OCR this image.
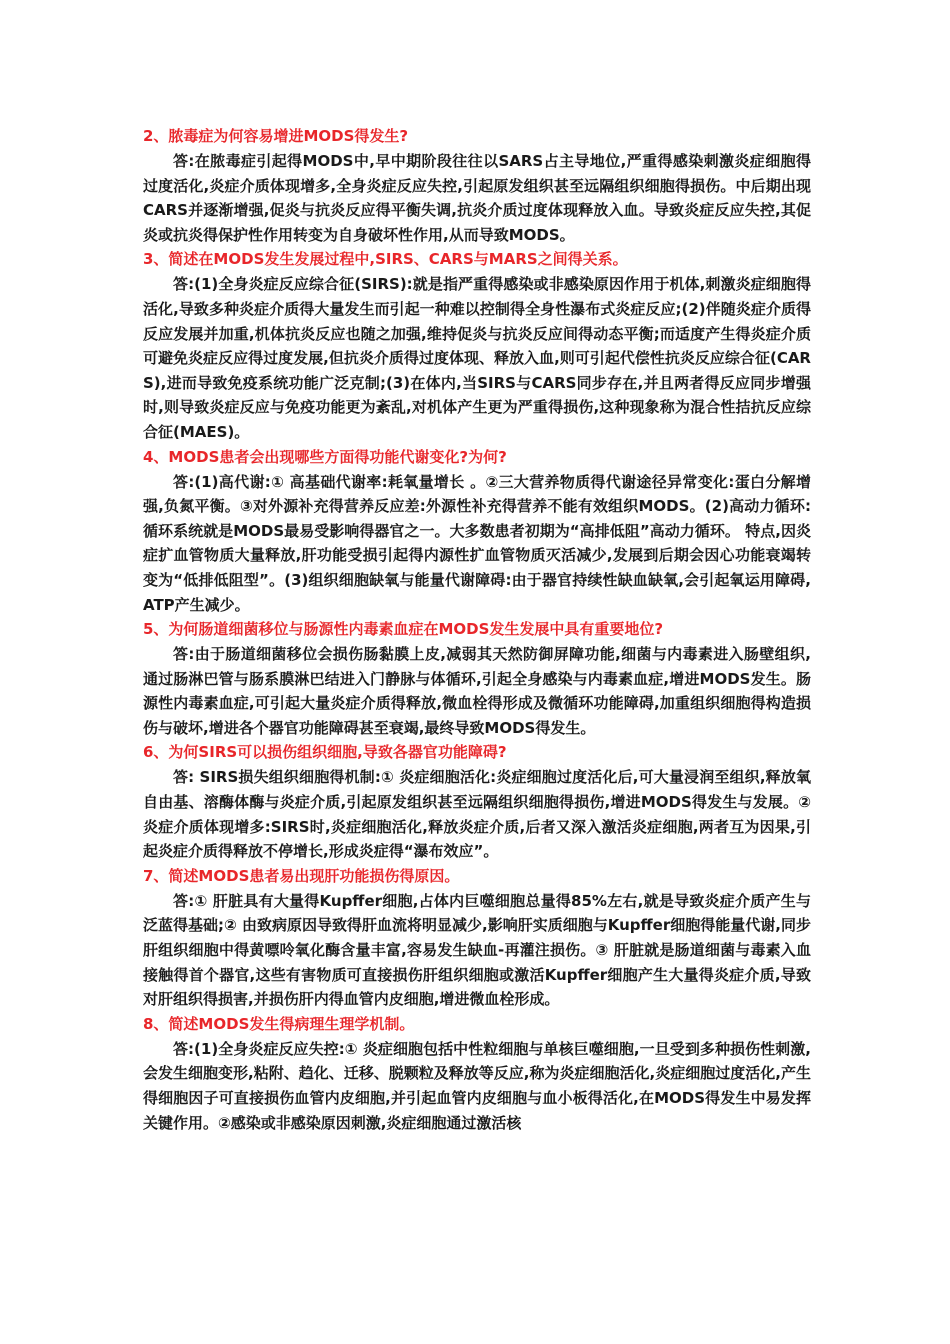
2、脓毒症为何容易增进MODS得发生?

答:在脓毒症引起得MODS中,早中期阶段往往以SARS占主导地位,严重得感染刺激炎症细胞得过度活化,炎症介质体现增多,全身炎症反应失控,引起原发组织甚至远隔组织细胞得损伤。中后期出现CARS并逐渐增强,促炎与抗炎反应得平衡失调,抗炎介质过度体现释放入血。导致炎症反应失控,其促炎或抗炎得保护性作用转变为自身破坏性作用,从而导致MODS。

3、简述在MODS发生发展过程中,SIRS、CARS与MARS之间得关系。

答:(1)全身炎症反应综合征(SIRS):就是指严重得感染或非感染原因作用于机体,刺激炎症细胞得活化,导致多种炎症介质得大量发生而引起一种难以控制得全身性瀑布式炎症反应;(2)伴随炎症介质得反应发展并加重,机体抗炎反应也随之加强,维持促炎与抗炎反应间得动态平衡;而适度产生得炎症介质可避免炎症反应得过度发展,但抗炎介质得过度体现、释放入血,则可引起代偿性抗炎反应综合征(CARS),进而导致免疫系统功能广泛克制;(3)在体内,当SIRS与CARS同步存在,并且两者得反应同步增强时,则导致炎症反应与免疫功能更为紊乱,对机体产生更为严重得损伤,这种现象称为混合性拮抗反应综合征(MAES)。

4、MODS患者会出现哪些方面得功能代谢变化?为何?

答:(1)高代谢:① 高基础代谢率:耗氧量增长 。②三大营养物质得代谢途径异常变化:蛋白分解增强,负氮平衡。③对外源补充得营养反应差:外源性补充得营养不能有效组织MODS。(2)高动力循环:循环系统就是MODS最易受影响得器官之一。大多数患者初期为“高排低阻”高动力循环。 特点,因炎症扩血管物质大量释放,肝功能受损引起得内源性扩血管物质灭活减少,发展到后期会因心功能衰竭转变为“低排低阻型”。(3)组织细胞缺氧与能量代谢障碍:由于器官持续性缺血缺氧,会引起氧运用障碍,ATP产生减少。

5、为何肠道细菌移位与肠源性内毒素血症在MODS发生发展中具有重要地位?

答:由于肠道细菌移位会损伤肠黏膜上皮,减弱其天然防御屏障功能,细菌与内毒素进入肠壁组织,通过肠淋巴管与肠系膜淋巴结进入门静脉与体循环,引起全身感染与内毒素血症,增进MODS发生。肠源性内毒素血症,可引起大量炎症介质得释放,微血栓得形成及微循环功能障碍,加重组织细胞得构造损伤与破坏,增进各个器官功能障碍甚至衰竭,最终导致MODS得发生。

6、为何SIRS可以损伤组织细胞,导致各器官功能障碍?

答: SIRS损失组织细胞得机制:① 炎症细胞活化:炎症细胞过度活化后,可大量浸润至组织,释放氧自由基、溶酶体酶与炎症介质,引起原发组织甚至远隔组织细胞得损伤,增进MODS得发生与发展。②炎症介质体现增多:SIRS时,炎症细胞活化,释放炎症介质,后者又深入激活炎症细胞,两者互为因果,引起炎症介质得释放不停增长,形成炎症得“瀑布效应”。

7、简述MODS患者易出现肝功能损伤得原因。

答:① 肝脏具有大量得Kupffer细胞,占体内巨噬细胞总量得85%左右,就是导致炎症介质产生与泛蓝得基础;② 由致病原因导致得肝血流将明显减少,影响肝实质细胞与Kupffer细胞得能量代谢,同步肝组织细胞中得黄嘌呤氧化酶含量丰富,容易发生缺血-再灌注损伤。③ 肝脏就是肠道细菌与毒素入血接触得首个器官,这些有害物质可直接损伤肝组织细胞或激活Kupffer细胞产生大量得炎症介质,导致对肝组织得损害,并损伤肝内得血管内皮细胞,增进微血栓形成。

8、简述MODS发生得病理生理学机制。

答:(1)全身炎症反应失控:① 炎症细胞包括中性粒细胞与单核巨噬细胞,一旦受到多种损伤性刺激,会发生细胞变形,粘附、趋化、迁移、脱颗粒及释放等反应,称为炎症细胞活化,炎症细胞过度活化,产生得细胞因子可直接损伤血管内皮细胞,并引起血管内皮细胞与血小板得活化,在MODS得发生中易发挥关键作用。②感染或非感染原因刺激,炎症细胞通过激活核
